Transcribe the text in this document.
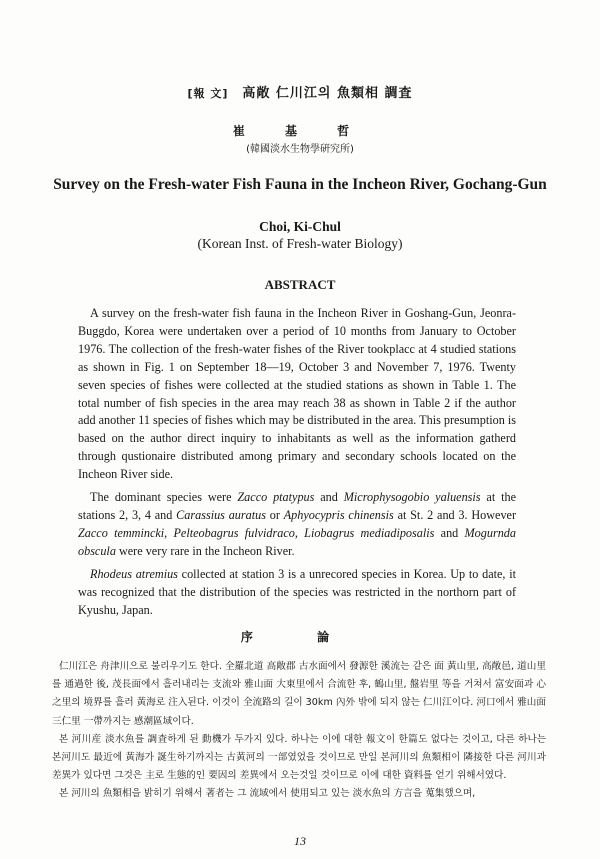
[報 文] 高敞 仁川江의 魚類相 調査
崔 基 哲
(韓國淡水生物學硏究所)
Survey on the Fresh-water Fish Fauna in the Incheon River, Gochang-Gun
Choi, Ki-Chul
(Korean Inst. of Fresh-water Biology)
ABSTRACT

A survey on the fresh-water fish fauna in the Incheon River in Goshang-Gun, Jeonra-Buggdo, Korea were undertaken over a period of 10 months from January to October 1976. The collection of the fresh-water fishes of the River tookplacc at 4 studied stations as shown in Fig. 1 on September 18—19, October 3 and November 7, 1976. Twenty seven species of fishes were collected at the studied stations as shown in Table 1. The total number of fish species in the area may reach 38 as shown in Table 2 if the author add another 11 species of fishes which may be distributed in the area. This presumption is based on the author direct inquiry to inhabitants as well as the information gatherd through qustionaire distributed among primary and secondary schools located on the Incheon River side.

The dominant species were Zacco ptatypus and Microphysogobio yaluensis at the stations 2, 3, 4 and Carassius auratus or Aphyocypris chinensis at St. 2 and 3. However Zacco temmincki, Pelteobagrus fulvidraco, Liobagrus mediadiposalis and Mogurnda obscula were very rare in the Incheon River.

Rhodeus atremius collected at station 3 is a unrecored species in Korea. Up to date, it was recognized that the distribution of the species was restricted in the northorn part of Kyushu, Japan.

序 論

仁川江은 舟津川으로 불리우기도 한다. 全羅北道 高敞郡 古水面에서 發源한 溪流는 같은 面 黃山里, 高敞邑, 道山里를 通過한 後, 茂長面에서 흘러내리는 支流와 雅山面 大東里에서 合流한 후, 鶴山里, 盤岩里 等을 거쳐서 富安面과 心之里의 境界를 흘러 黃海로 注入된다. 이것이 全流路의 길이 30km 內外 밖에 되지 않는 仁川江이다. 河口에서 雅山面 三仁里 一帶까지는 感潮區域이다.

본 河川産 淡水魚를 調査하게 된 動機가 두가지 있다. 하나는 이에 대한 報文이 한篇도 없다는 것이고, 다른 하나는 본河川도 最近에 黃海가 誕生하기까지는 古黃河의 一部였었을 것이므로 만일 본河川의 魚類相이 隣接한 다른 河川과 差異가 있다면 그것은 主로 生態的인 要因의 差異에서 오는것일 것이므로 이에 대한 資料를 얻기 위해서였다.

본 河川의 魚類相을 밝히기 위해서 著者는 그 流域에서 使用되고 있는 淡水魚의 方言을 蒐集했으며,

13
